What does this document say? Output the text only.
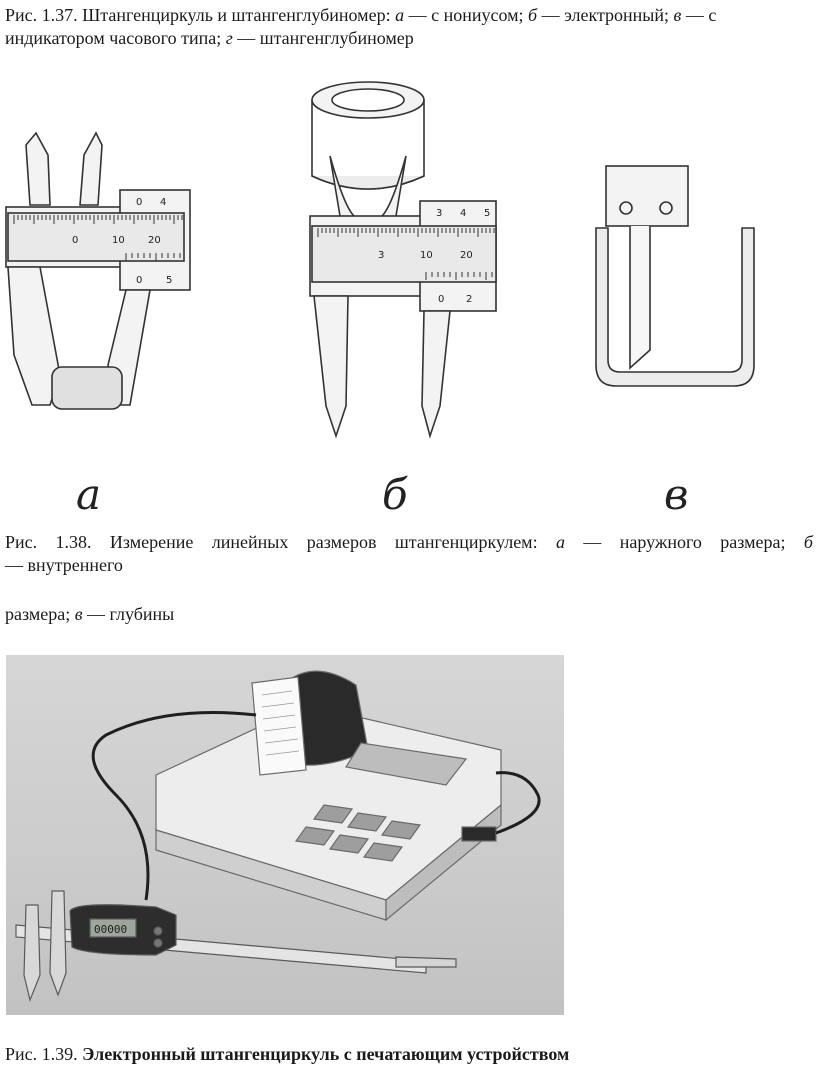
Рис. 1.37. Штангенциркуль и штангенглубиномер: а — с нониусом; б — электронный; в — с индикатором часового типа; г — штангенглубиномер
0	10 20
0 5
0 4
а
3	10	20
0 2
3 4 5
б	в
Рис. 1.38. Измерение линейных размеров штангенциркулем: а — наружного размера; б
— внутреннего
размера; в — глубины
00000
Рис. 1.39. Электронный штангенциркуль с печатающим устройством
